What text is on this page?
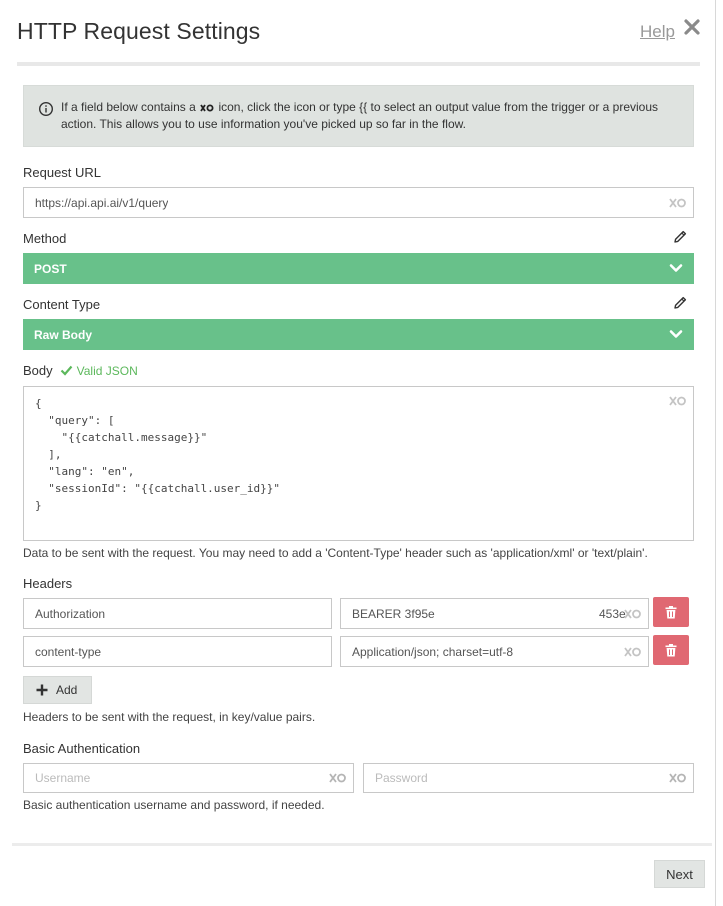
HTTP Request Settings	Help
If a field below contains a icon, click the icon or type {{ to select an output value from the trigger or a previous action. This allows you to use information you've picked up so far in the flow.
Request URL
https://api.api.ai/v1/query
Method
POST
Content Type
Raw Body
Body Valid JSON
{
"query": [
"{{catchall.message}}"
],
"lang": "en",
"sessionId": "{{catchall.user_id}}"
}
Data to be sent with the request. You may need to add a 'Content-Type' header such as 'application/xml' or 'text/plain'.
Headers
Authorization	BEARER 3f95e	453e
content-type	Application/json; charset=utf-8
Add
Headers to be sent with the request, in key/value pairs.
Basic Authentication
Username	Password
Basic authentication username and password, if needed.
Next
